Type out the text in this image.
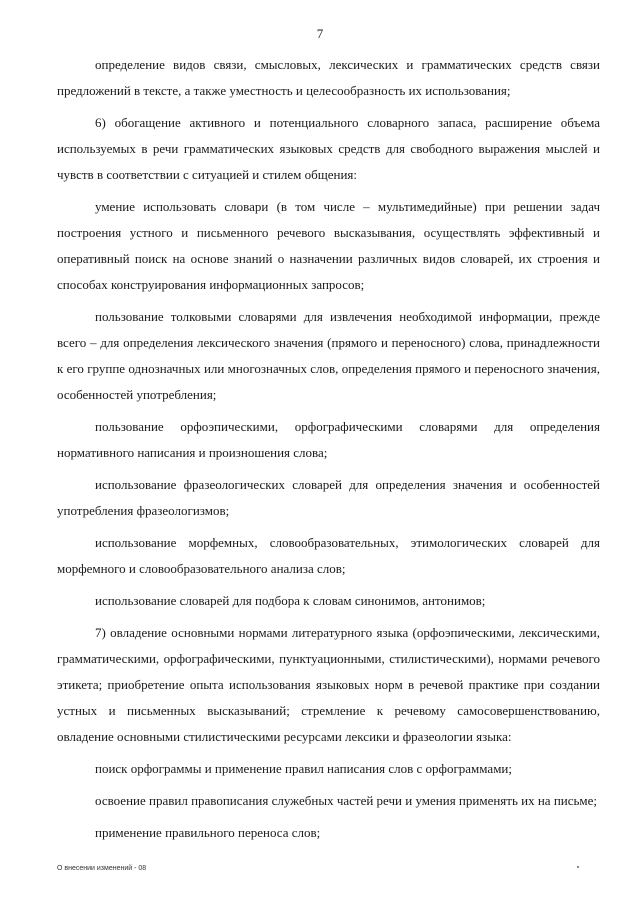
7

определение видов связи, смысловых, лексических и грамматических средств связи предложений в тексте, а также уместность и целесообразность их использования;

6) обогащение активного и потенциального словарного запаса, расширение объема используемых в речи грамматических языковых средств для свободного выражения мыслей и чувств в соответствии с ситуацией и стилем общения:

умение использовать словари (в том числе – мультимедийные) при решении задач построения устного и письменного речевого высказывания, осуществлять эффективный и оперативный поиск на основе знаний о назначении различных видов словарей, их строения и способах конструирования информационных запросов;

пользование толковыми словарями для извлечения необходимой информации, прежде всего – для определения лексического значения (прямого и переносного) слова, принадлежности к его группе однозначных или многозначных слов, определения прямого и переносного значения, особенностей употребления;

пользование орфоэпическими, орфографическими словарями для определения нормативного написания и произношения слова;

использование фразеологических словарей для определения значения и особенностей употребления фразеологизмов;

использование морфемных, словообразовательных, этимологических словарей для морфемного и словообразовательного анализа слов;

использование словарей для подбора к словам синонимов, антонимов;

7) овладение основными нормами литературного языка (орфоэпическими, лексическими, грамматическими, орфографическими, пунктуационными, стилистическими), нормами речевого этикета; приобретение опыта использования языковых норм в речевой практике при создании устных и письменных высказываний; стремление к речевому самосовершенствованию, овладение основными стилистическими ресурсами лексики и фразеологии языка:

поиск орфограммы и применение правил написания слов с орфограммами;

освоение правил правописания служебных частей речи и умения применять их на письме;

применение правильного переноса слов;

О внесении изменений - 08
